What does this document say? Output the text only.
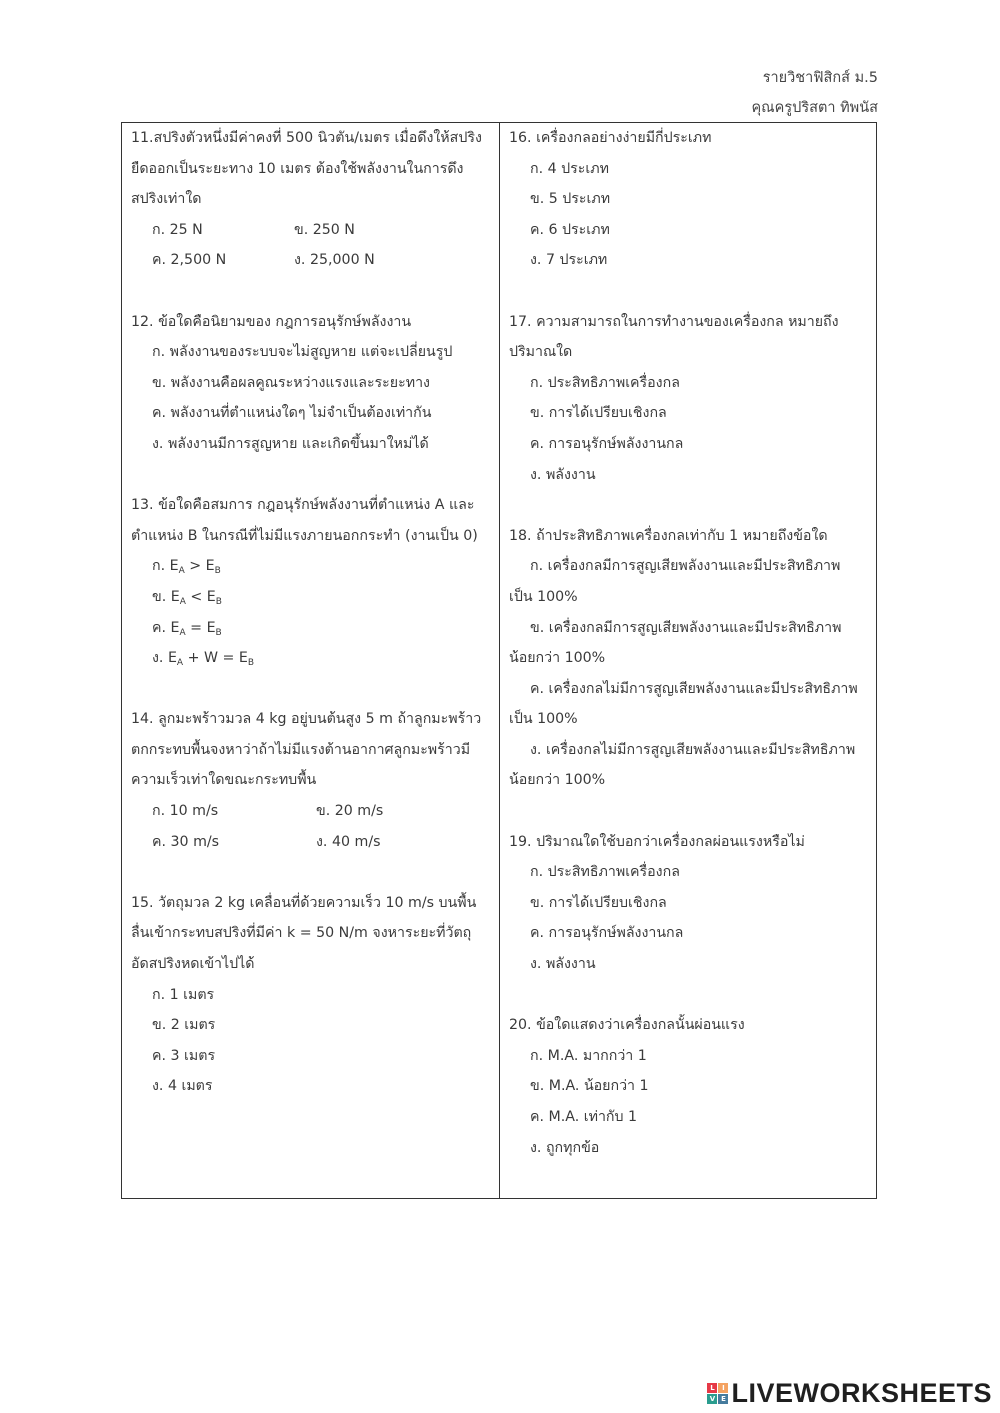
รายวิชาฟิสิกส์ ม.5
คุณครูปริสตา ทิพนัส
11.สปริงตัวหนึ่งมีค่าคงที่ 500 นิวตัน/เมตร เมื่อดึงให้สปริง
ยืดออกเป็นระยะทาง 10 เมตร ต้องใช้พลังงานในการดึง
สปริงเท่าใด
ก. 25 N	ข. 250 N
ค. 2,500 N	ง. 25,000 N
12. ข้อใดคือนิยามของ กฎการอนุรักษ์พลังงาน
ก. พลังงานของระบบจะไม่สูญหาย แต่จะเปลี่ยนรูป
ข. พลังงานคือผลคูณระหว่างแรงและระยะทาง
ค. พลังงานที่ตำแหน่งใดๆ ไม่จำเป็นต้องเท่ากัน
ง. พลังงานมีการสูญหาย และเกิดขึ้นมาใหม่ได้
13. ข้อใดคือสมการ กฎอนุรักษ์พลังงานที่ตำแหน่ง A และ
ตำแหน่ง B ในกรณีที่ไม่มีแรงภายนอกกระทำ (งานเป็น 0)
ก. $E_A > E_B$
ข. $E_A < E_B$
ค. $E_A = E_B$
ง. $E_A + W = E_B$
14. ลูกมะพร้าวมวล 4 kg อยู่บนต้นสูง 5 m ถ้าลูกมะพร้าว
ตกกระทบพื้นจงหาว่าถ้าไม่มีแรงต้านอากาศลูกมะพร้าวมี
ความเร็วเท่าใดขณะกระทบพื้น
ก. 10 m/s	ข. 20 m/s
ค. 30 m/s	ง. 40 m/s
15. วัตถุมวล 2 kg เคลื่อนที่ด้วยความเร็ว 10 m/s บนพื้น
ลื่นเข้ากระทบสปริงที่มีค่า k = 50 N/m จงหาระยะที่วัตถุ
อัดสปริงหดเข้าไปได้
ก. 1 เมตร
ข. 2 เมตร
ค. 3 เมตร
ง. 4 เมตร
16. เครื่องกลอย่างง่ายมีกี่ประเภท
ก. 4 ประเภท
ข. 5 ประเภท
ค. 6 ประเภท
ง. 7 ประเภท
17. ความสามารถในการทำงานของเครื่องกล หมายถึง
ปริมาณใด
ก. ประสิทธิภาพเครื่องกล
ข. การได้เปรียบเชิงกล
ค. การอนุรักษ์พลังงานกล
ง. พลังงาน
18. ถ้าประสิทธิภาพเครื่องกลเท่ากับ 1 หมายถึงข้อใด
ก. เครื่องกลมีการสูญเสียพลังงานและมีประสิทธิภาพ
เป็น 100%
ข. เครื่องกลมีการสูญเสียพลังงานและมีประสิทธิภาพ
น้อยกว่า 100%
ค. เครื่องกลไม่มีการสูญเสียพลังงานและมีประสิทธิภาพ
เป็น 100%
ง. เครื่องกลไม่มีการสูญเสียพลังงานและมีประสิทธิภาพ
น้อยกว่า 100%
19. ปริมาณใดใช้บอกว่าเครื่องกลผ่อนแรงหรือไม่
ก. ประสิทธิภาพเครื่องกล
ข. การได้เปรียบเชิงกล
ค. การอนุรักษ์พลังงานกล
ง. พลังงาน
20. ข้อใดแสดงว่าเครื่องกลนั้นผ่อนแรง
ก. M.A. มากกว่า 1
ข. M.A. น้อยกว่า 1
ค. M.A. เท่ากับ 1
ง. ถูกทุกข้อ
L	I
V E LIVEWORKSHEETS
